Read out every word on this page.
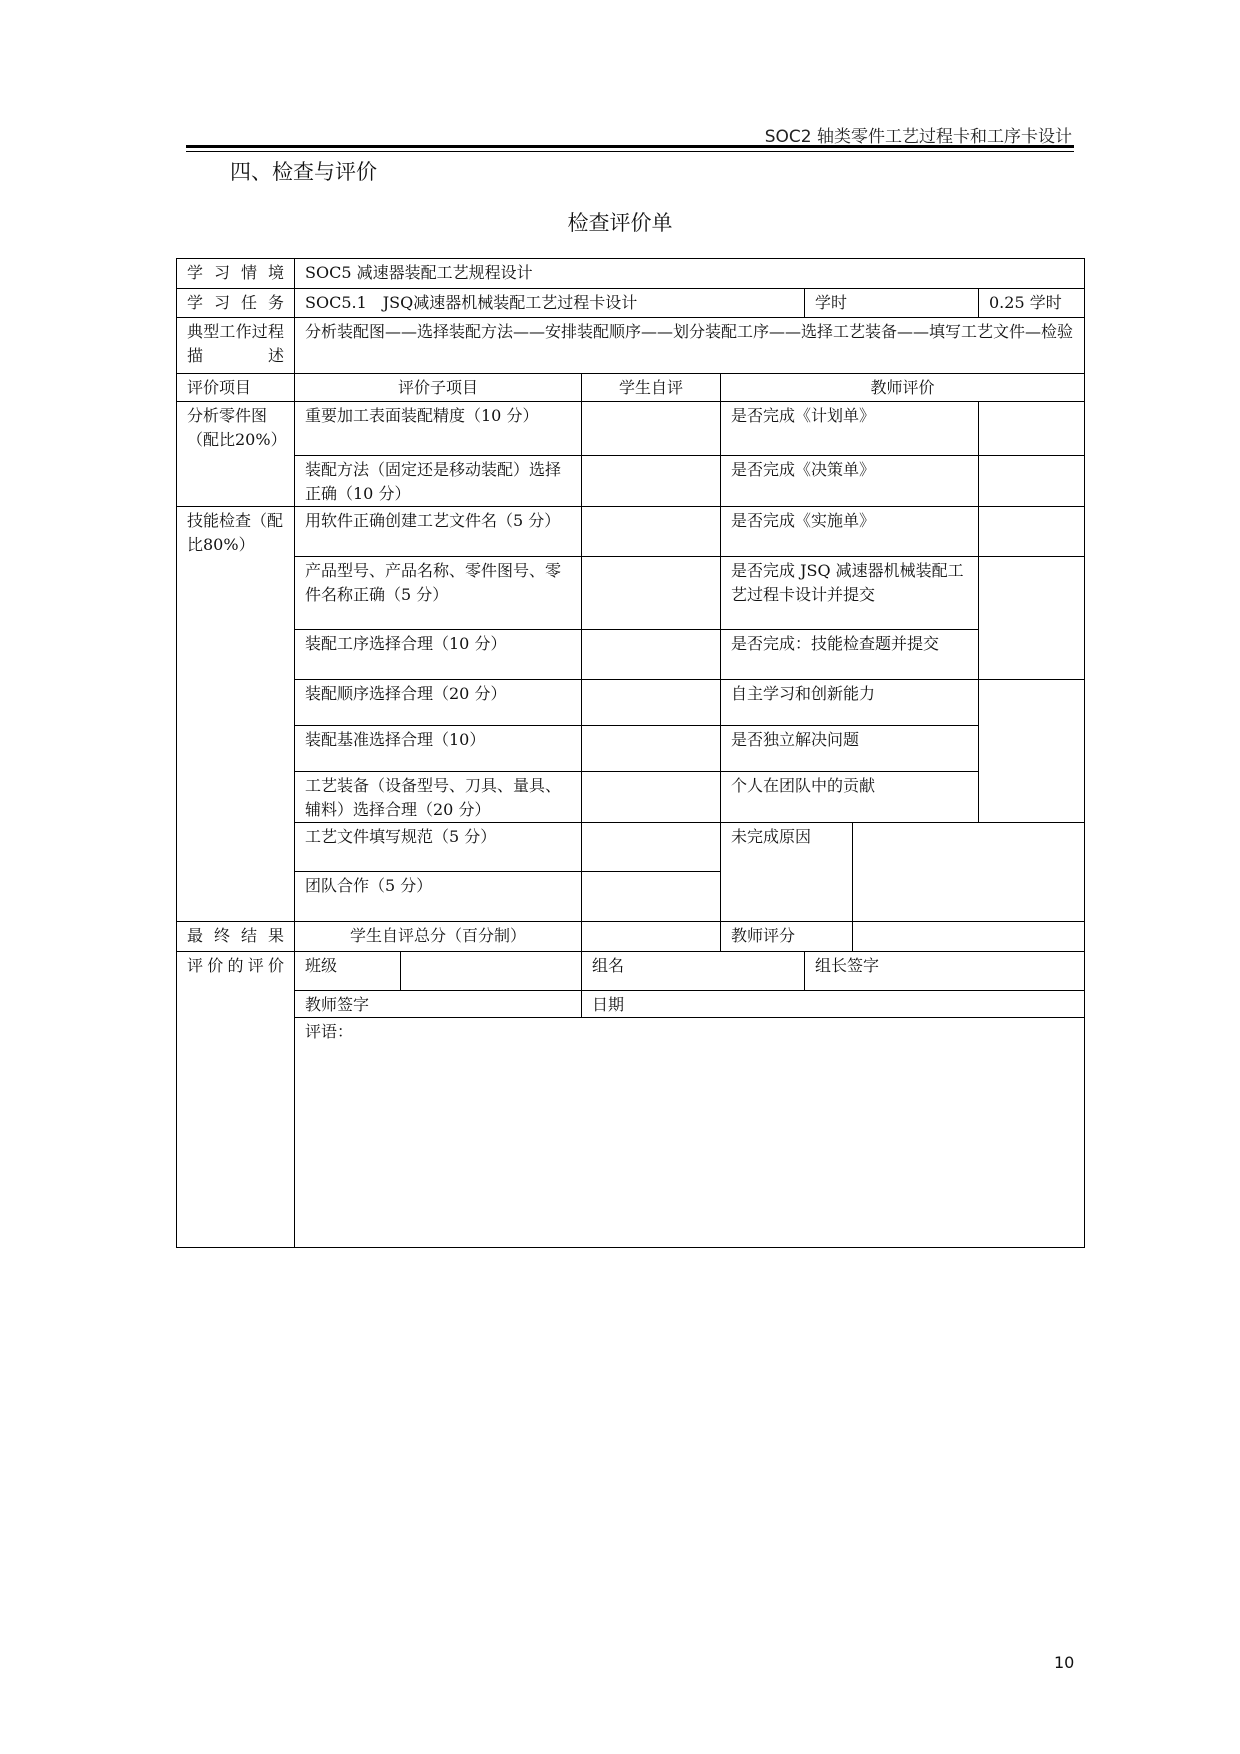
SOC2 轴类零件工艺过程卡和工序卡设计
四、检查与评价
检查评价单
学习情境	SOC5 减速器装配工艺规程设计						
学习任务	SOC5.1　JSQ减速器机械装配工艺过程卡设计				学时		0.25 学时
典型工作过程描述	分析装配图——选择装配方法——安排装配顺序——划分装配工序——选择工艺装备——填写工艺文件—检验						
评价项目	评价子项目		学生自评	教师评价			
分析零件图（配比20%）	重要加工表面装配精度（10 分）			是否完成《计划单》			
	装配方法（固定还是移动装配）选择正确（10 分）			是否完成《决策单》			
技能检查（配比80%）	用软件正确创建工艺文件名（5 分）			是否完成《实施单》			
	产品型号、产品名称、零件图号、零件名称正确（5 分）			是否完成 JSQ 减速器机械装配工艺过程卡设计并提交			
	装配工序选择合理（10 分）			是否完成：技能检查题并提交			
	装配顺序选择合理（20 分）			自主学习和创新能力			
	装配基准选择合理（10）			是否独立解决问题			
	工艺装备（设备型号、刀具、量具、辅料）选择合理（20 分）			个人在团队中的贡献			
	工艺文件填写规范（5 分）			未完成原因			
	团队合作（5 分）						
最终结果	学生自评总分（百分制）			教师评分			
评价的评价	班级		组名		组长签字		
	教师签字		日期				
	评语：						
10
